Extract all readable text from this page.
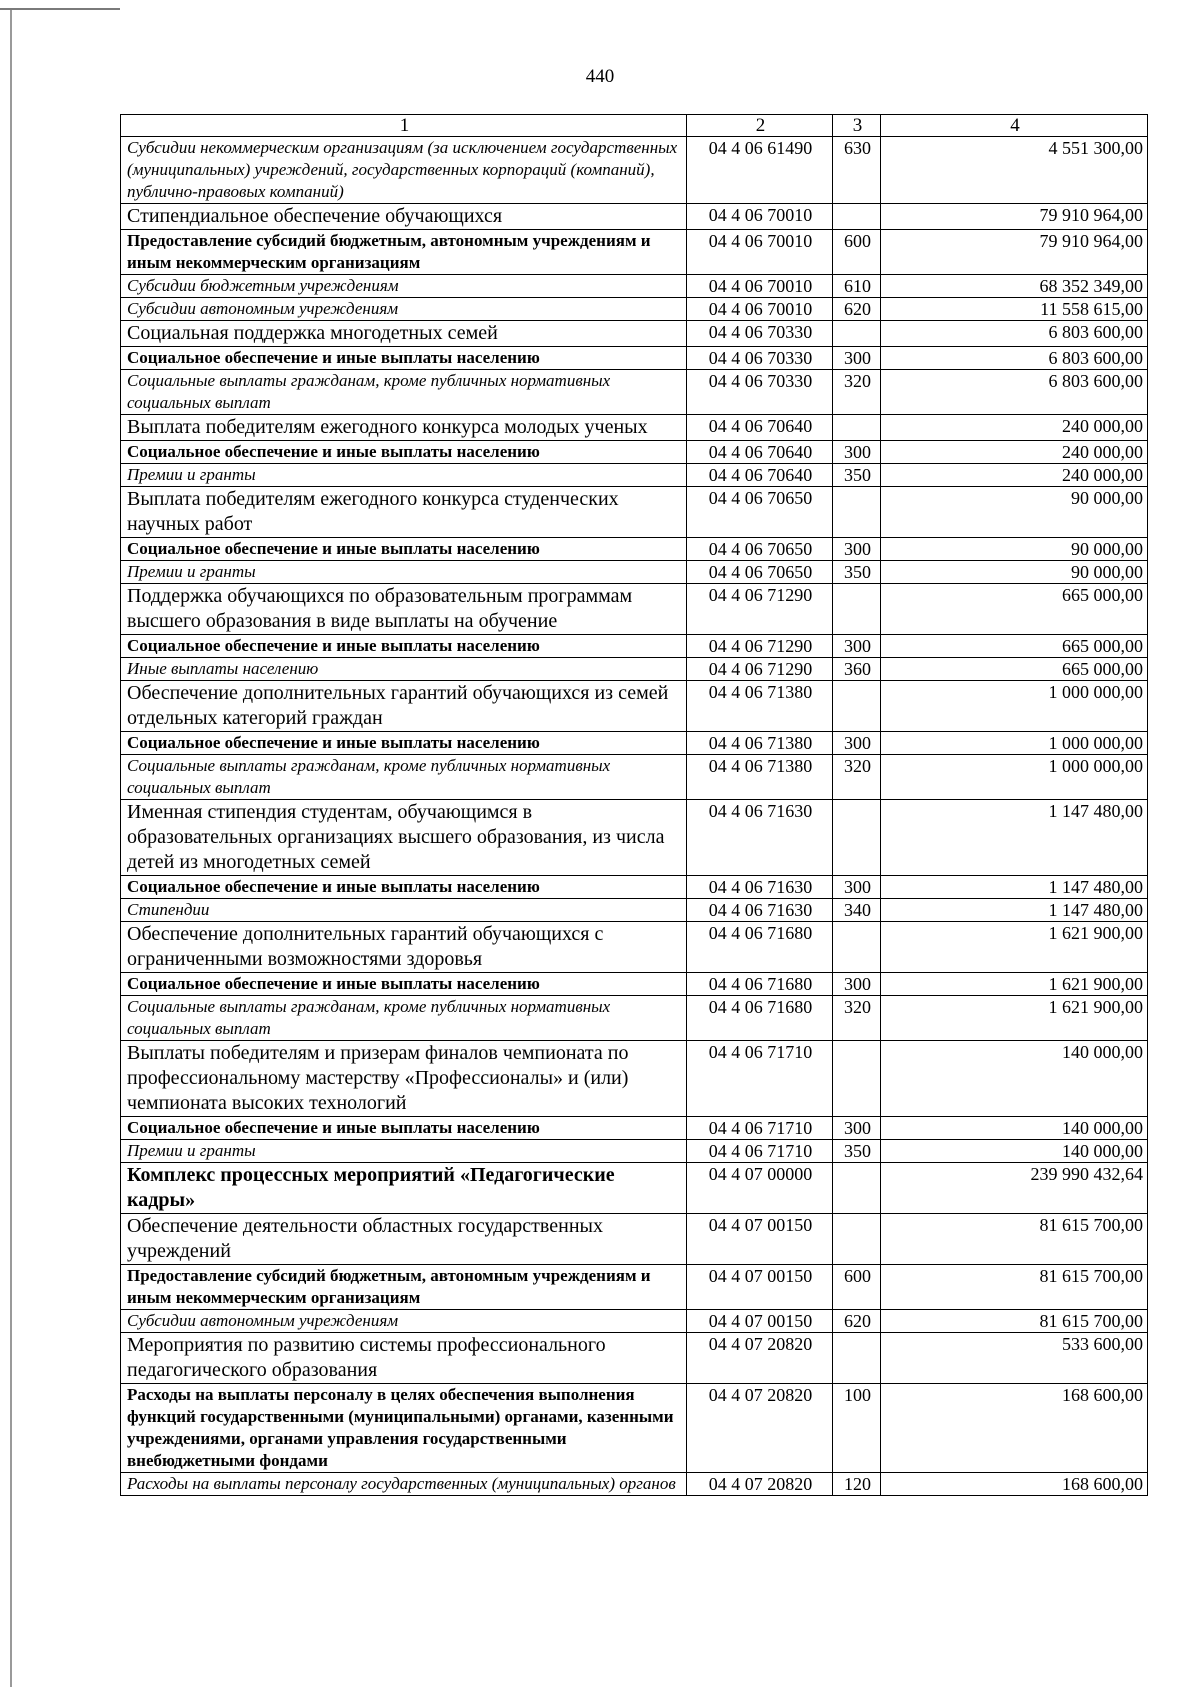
440
1	2	3	4
Субсидии некоммерческим организациям (за исключением государственных (муниципальных) учреждений, государственных корпораций (компаний), публично-правовых компаний)	04 4 06 61490	630	4 551 300,00
Стипендиальное обеспечение обучающихся	04 4 06 70010		79 910 964,00
Предоставление субсидий бюджетным, автономным учреждениям и иным некоммерческим организациям	04 4 06 70010	600	79 910 964,00
Субсидии бюджетным учреждениям	04 4 06 70010	610	68 352 349,00
Субсидии автономным учреждениям	04 4 06 70010	620	11 558 615,00
Социальная поддержка многодетных семей	04 4 06 70330		6 803 600,00
Социальное обеспечение и иные выплаты населению	04 4 06 70330	300	6 803 600,00
Социальные выплаты гражданам, кроме публичных нормативных социальных выплат	04 4 06 70330	320	6 803 600,00
Выплата победителям ежегодного конкурса молодых ученых	04 4 06 70640		240 000,00
Социальное обеспечение и иные выплаты населению	04 4 06 70640	300	240 000,00
Премии и гранты	04 4 06 70640	350	240 000,00
Выплата победителям ежегодного конкурса студенческих научных работ	04 4 06 70650		90 000,00
Социальное обеспечение и иные выплаты населению	04 4 06 70650	300	90 000,00
Премии и гранты	04 4 06 70650	350	90 000,00
Поддержка обучающихся по образовательным программам высшего образования в виде выплаты на обучение	04 4 06 71290		665 000,00
Социальное обеспечение и иные выплаты населению	04 4 06 71290	300	665 000,00
Иные выплаты населению	04 4 06 71290	360	665 000,00
Обеспечение дополнительных гарантий обучающихся из семей отдельных категорий граждан	04 4 06 71380		1 000 000,00
Социальное обеспечение и иные выплаты населению	04 4 06 71380	300	1 000 000,00
Социальные выплаты гражданам, кроме публичных нормативных социальных выплат	04 4 06 71380	320	1 000 000,00
Именная стипендия студентам, обучающимся в образовательных организациях высшего образования, из числа детей из многодетных семей	04 4 06 71630		1 147 480,00
Социальное обеспечение и иные выплаты населению	04 4 06 71630	300	1 147 480,00
Стипендии	04 4 06 71630	340	1 147 480,00
Обеспечение дополнительных гарантий обучающихся с ограниченными возможностями здоровья	04 4 06 71680		1 621 900,00
Социальное обеспечение и иные выплаты населению	04 4 06 71680	300	1 621 900,00
Социальные выплаты гражданам, кроме публичных нормативных социальных выплат	04 4 06 71680	320	1 621 900,00
Выплаты победителям и призерам финалов чемпионата по профессиональному мастерству «Профессионалы» и (или) чемпионата высоких технологий	04 4 06 71710		140 000,00
Социальное обеспечение и иные выплаты населению	04 4 06 71710	300	140 000,00
Премии и гранты	04 4 06 71710	350	140 000,00
Комплекс процессных мероприятий «Педагогические кадры»	04 4 07 00000		239 990 432,64
Обеспечение деятельности областных государственных учреждений	04 4 07 00150		81 615 700,00
Предоставление субсидий бюджетным, автономным учреждениям и иным некоммерческим организациям	04 4 07 00150	600	81 615 700,00
Субсидии автономным учреждениям	04 4 07 00150	620	81 615 700,00
Мероприятия по развитию системы профессионального педагогического образования	04 4 07 20820		533 600,00
Расходы на выплаты персоналу в целях обеспечения выполнения функций государственными (муниципальными) органами, казенными учреждениями, органами управления государственными внебюджетными фондами	04 4 07 20820	100	168 600,00
Расходы на выплаты персоналу государственных (муниципальных) органов	04 4 07 20820	120	168 600,00
